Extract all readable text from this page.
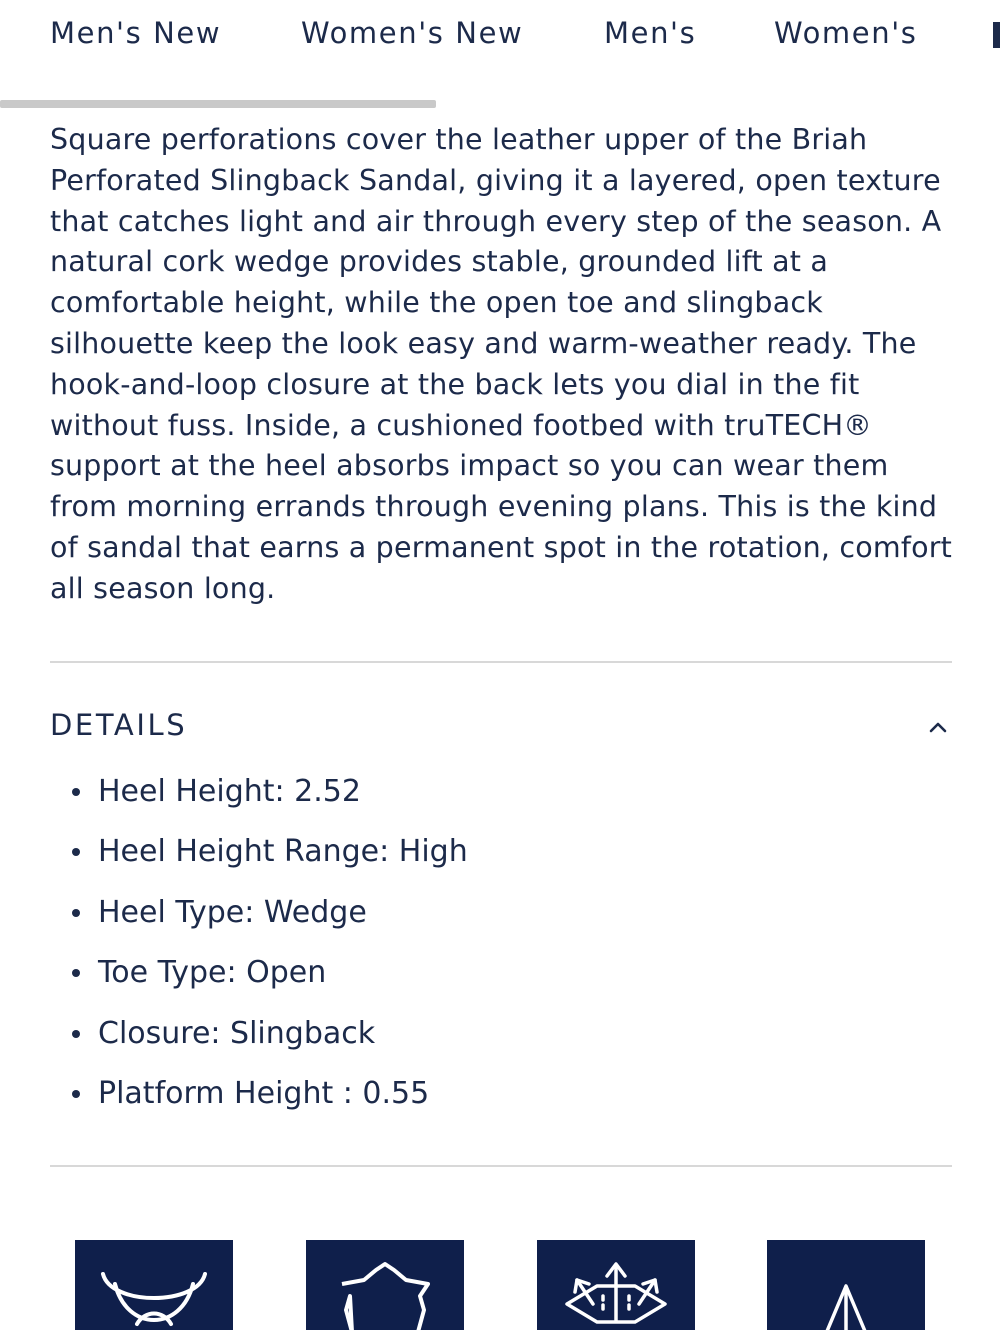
Men's New	Women's New	Men's	Women's

Square perforations cover the leather upper of the Briah Perforated Slingback Sandal, giving it a layered, open texture that catches light and air through every step of the season. A natural cork wedge provides stable, grounded lift at a comfortable height, while the open toe and slingback silhouette keep the look easy and warm-weather ready. The hook-and-loop closure at the back lets you dial in the fit without fuss. Inside, a cushioned footbed with truTECH® support at the heel absorbs impact so you can wear them from morning errands through evening plans. This is the kind of sandal that earns a permanent spot in the rotation, comfort all season long.

DETAILS
Heel Height: 2.52
Heel Height Range: High
Heel Type: Wedge
Toe Type: Open
Closure: Slingback
Platform Height : 0.55
